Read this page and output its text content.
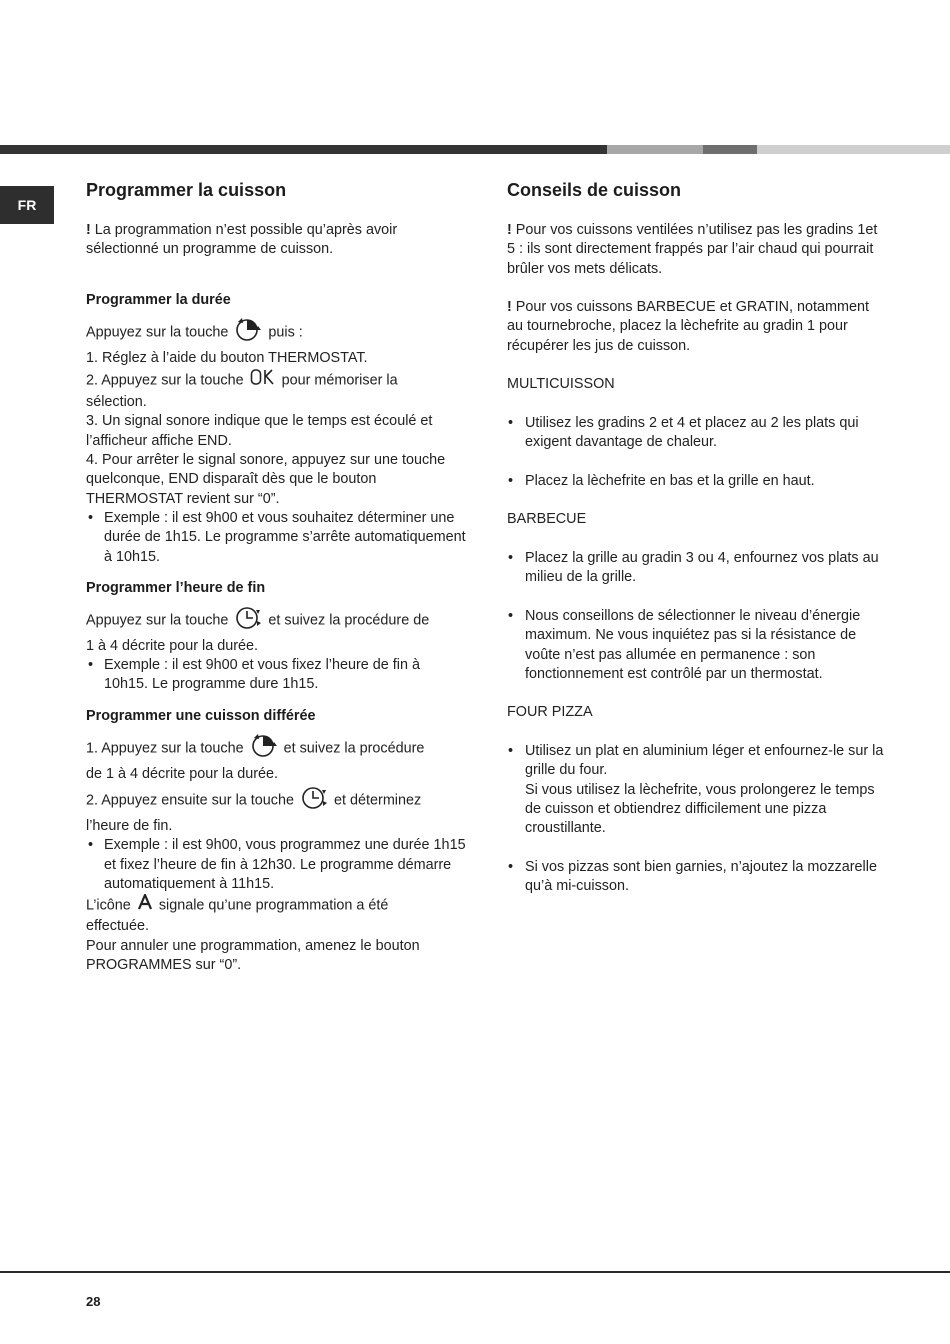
FR
Programmer la cuisson

! La programmation n’est possible qu’après avoir sélectionné un programme de cuisson.

Programmer la durée

Appuyez sur la touche	puis :

1. Réglez à l’aide du bouton THERMOSTAT.

2. Appuyez sur la touche	pour mémoriser la

sélection.

3. Un signal sonore indique que le temps est écoulé et l’afficheur affiche END.

4. Pour arrêter le signal sonore, appuyez sur une touche quelconque, END disparaît dès que le bouton THERMOSTAT revient sur “0”.

• Exemple : il est 9h00 et vous souhaitez déterminer une durée de 1h15. Le programme s’arrête automatiquement à 10h15.

Programmer l’heure de fin

Appuyez sur la touche	et suivez la procédure de

1 à 4 décrite pour la durée.

• Exemple : il est 9h00 et vous fixez l’heure de fin à 10h15. Le programme dure 1h15.

Programmer une cuisson différée

1. Appuyez sur la touche	et suivez la procédure

de 1 à 4 décrite pour la durée.

2. Appuyez ensuite sur la touche	et déterminez

l’heure de fin.

• Exemple : il est 9h00, vous programmez une durée 1h15 et fixez l’heure de fin à 12h30. Le programme démarre automatiquement à 11h15.

L’icône signale qu’une programmation a été

effectuée.

Pour annuler une programmation, amenez le bouton PROGRAMMES sur “0”.

Conseils de cuisson

! Pour vos cuissons ventilées n’utilisez pas les gradins 1et 5 : ils sont directement frappés par l’air chaud qui pourrait brûler vos mets délicats.

! Pour vos cuissons BARBECUE et GRATIN, notamment au tournebroche, placez la lèchefrite au gradin 1 pour récupérer les jus de cuisson.

MULTICUISSON

• Utilisez les gradins 2 et 4 et placez au 2 les plats qui exigent davantage de chaleur.

• Placez la lèchefrite en bas et la grille en haut.

BARBECUE

• Placez la grille au gradin 3 ou 4, enfournez vos plats au milieu de la grille.

• Nous conseillons de sélectionner le niveau d’énergie maximum. Ne vous inquiétez pas si la résistance de voûte n’est pas allumée en permanence : son fonctionnement est contrôlé par un thermostat.

FOUR PIZZA

• Utilisez un plat en aluminium léger et enfournez-le sur la grille du four.

Si vous utilisez la lèchefrite, vous prolongerez le temps de cuisson et obtiendrez difficilement une pizza croustillante.

• Si vos pizzas sont bien garnies, n’ajoutez la mozzarelle qu’à mi-cuisson.

28
